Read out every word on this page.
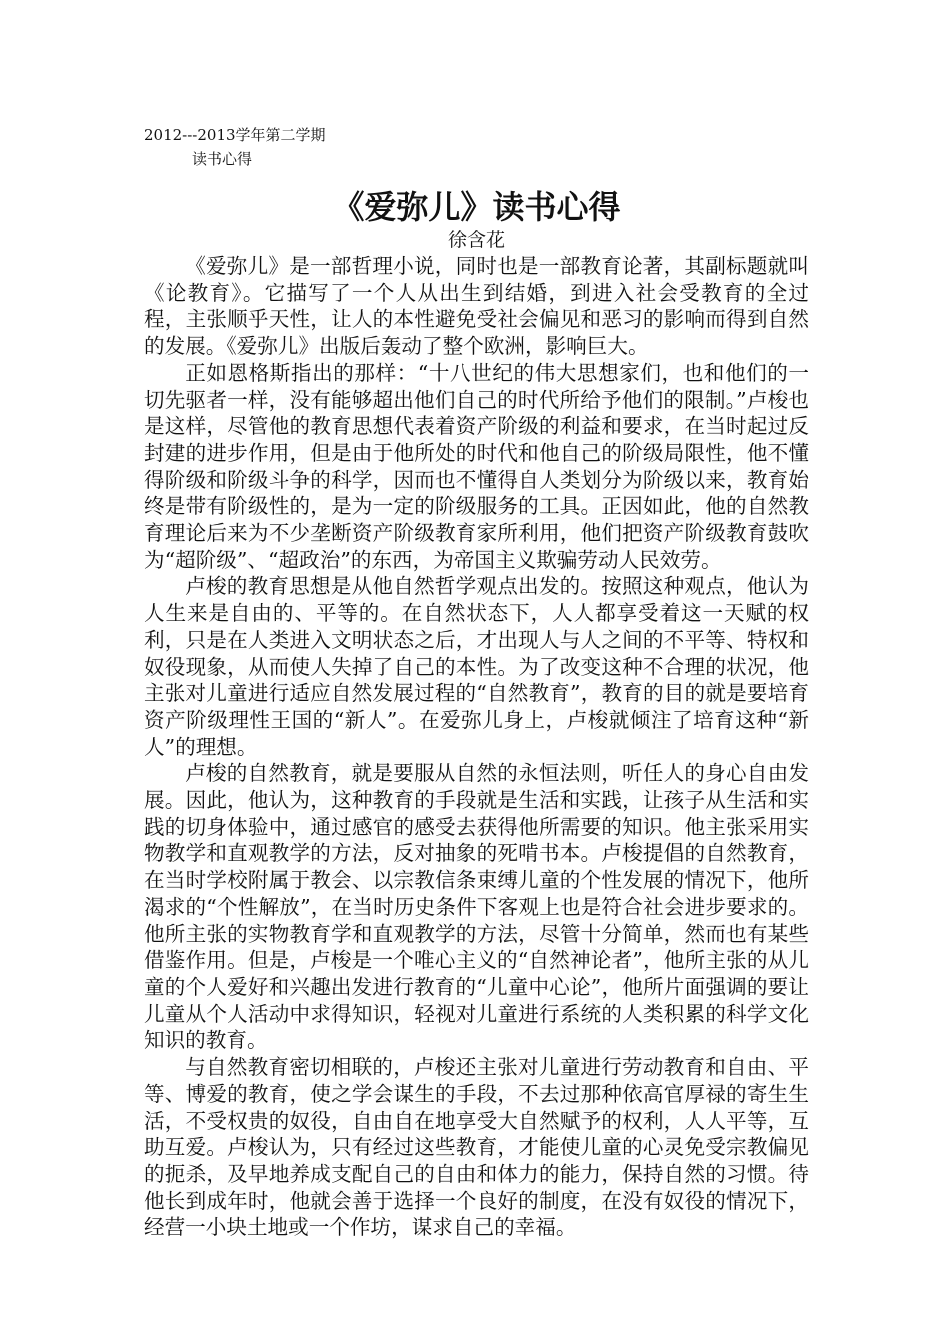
2012---2013学年第二学期

读书心得

《爱弥儿》读书心得

徐含花

《爱弥儿》是一部哲理小说，同时也是一部教育论著，其副标题就叫《论教育》。它描写了一个人从出生到结婚，到进入社会受教育的全过程，主张顺乎天性，让人的本性避免受社会偏见和恶习的影响而得到自然的发展。《爱弥儿》出版后轰动了整个欧洲，影响巨大。

正如恩格斯指出的那样：“十八世纪的伟大思想家们，也和他们的一切先驱者一样，没有能够超出他们自己的时代所给予他们的限制。”卢梭也是这样，尽管他的教育思想代表着资产阶级的利益和要求，在当时起过反封建的进步作用，但是由于他所处的时代和他自己的阶级局限性，他不懂得阶级和阶级斗争的科学，因而也不懂得自人类划分为阶级以来，教育始终是带有阶级性的，是为一定的阶级服务的工具。正因如此，他的自然教育理论后来为不少垄断资产阶级教育家所利用，他们把资产阶级教育鼓吹为“超阶级”、“超政治”的东西，为帝国主义欺骗劳动人民效劳。

卢梭的教育思想是从他自然哲学观点出发的。按照这种观点，他认为人生来是自由的、平等的。在自然状态下，人人都享受着这一天赋的权利，只是在人类进入文明状态之后，才出现人与人之间的不平等、特权和奴役现象，从而使人失掉了自己的本性。为了改变这种不合理的状况，他主张对儿童进行适应自然发展过程的“自然教育”，教育的目的就是要培育资产阶级理性王国的“新人”。在爱弥儿身上，卢梭就倾注了培育这种“新人”的理想。

卢梭的自然教育，就是要服从自然的永恒法则，听任人的身心自由发展。因此，他认为，这种教育的手段就是生活和实践，让孩子从生活和实践的切身体验中，通过感官的感受去获得他所需要的知识。他主张采用实物教学和直观教学的方法，反对抽象的死啃书本。卢梭提倡的自然教育，在当时学校附属于教会、以宗教信条束缚儿童的个性发展的情况下，他所渴求的“个性解放”，在当时历史条件下客观上也是符合社会进步要求的。他所主张的实物教育学和直观教学的方法，尽管十分简单，然而也有某些借鉴作用。但是，卢梭是一个唯心主义的“自然神论者”，他所主张的从儿童的个人爱好和兴趣出发进行教育的“儿童中心论”，他所片面强调的要让儿童从个人活动中求得知识，轻视对儿童进行系统的人类积累的科学文化知识的教育。

与自然教育密切相联的，卢梭还主张对儿童进行劳动教育和自由、平等、博爱的教育，使之学会谋生的手段，不去过那种依高官厚禄的寄生生活，不受权贵的奴役，自由自在地享受大自然赋予的权利，人人平等，互助互爱。卢梭认为，只有经过这些教育，才能使儿童的心灵免受宗教偏见的扼杀，及早地养成支配自己的自由和体力的能力，保持自然的习惯。待他长到成年时，他就会善于选择一个良好的制度，在没有奴役的情况下，经营一小块土地或一个作坊，谋求自己的幸福。
